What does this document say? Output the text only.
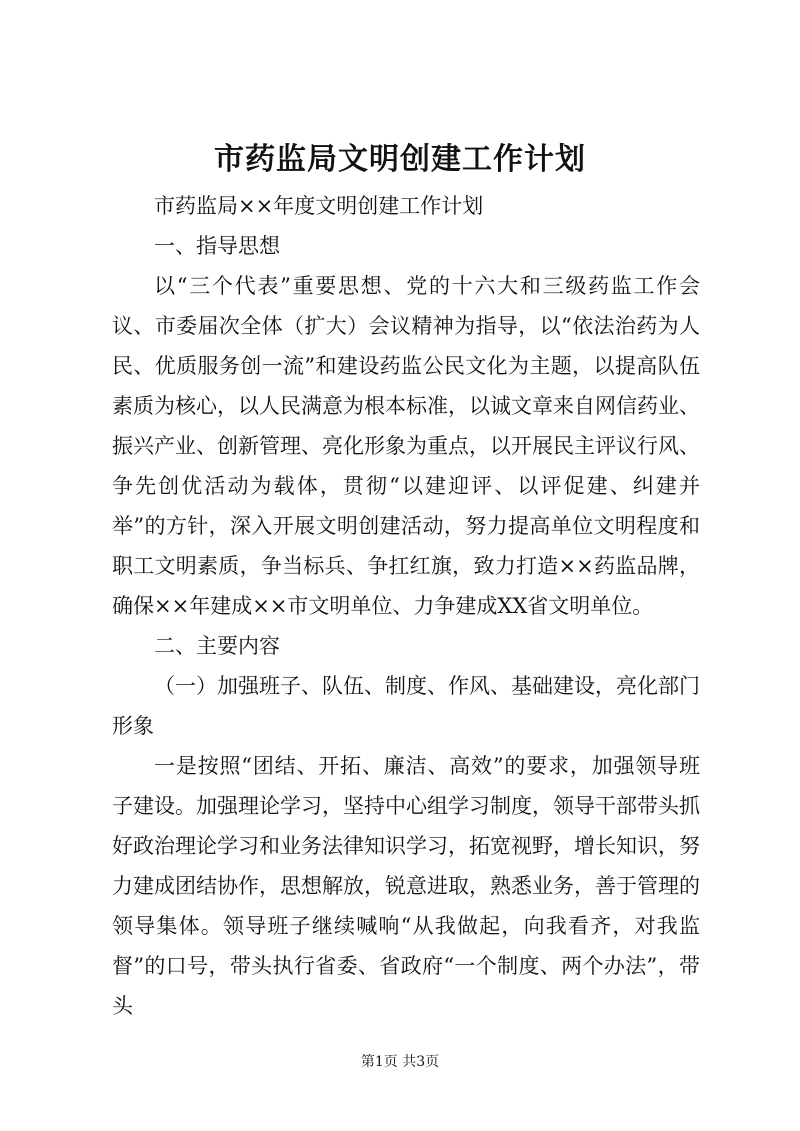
市药监局文明创建工作计划

市药监局××年度文明创建工作计划

一、指导思想

以“三个代表”重要思想、党的十六大和三级药监工作会议、市委届次全体（扩大）会议精神为指导，以“依法治药为人民、优质服务创一流”和建设药监公民文化为主题，以提高队伍素质为核心，以人民满意为根本标准，以诚文章来自网信药业、振兴产业、创新管理、亮化形象为重点，以开展民主评议行风、争先创优活动为载体，贯彻“以建迎评、以评促建、纠建并举”的方针，深入开展文明创建活动，努力提高单位文明程度和职工文明素质，争当标兵、争扛红旗，致力打造××药监品牌，确保××年建成××市文明单位、力争建成XX省文明单位。

二、主要内容

（一）加强班子、队伍、制度、作风、基础建设，亮化部门形象

一是按照“团结、开拓、廉洁、高效”的要求，加强领导班子建设。加强理论学习，坚持中心组学习制度，领导干部带头抓好政治理论学习和业务法律知识学习，拓宽视野，增长知识，努力建成团结协作，思想解放，锐意进取，熟悉业务，善于管理的领导集体。领导班子继续喊响“从我做起，向我看齐，对我监督”的口号，带头执行省委、省政府“一个制度、两个办法”，带头

第1页 共3页
